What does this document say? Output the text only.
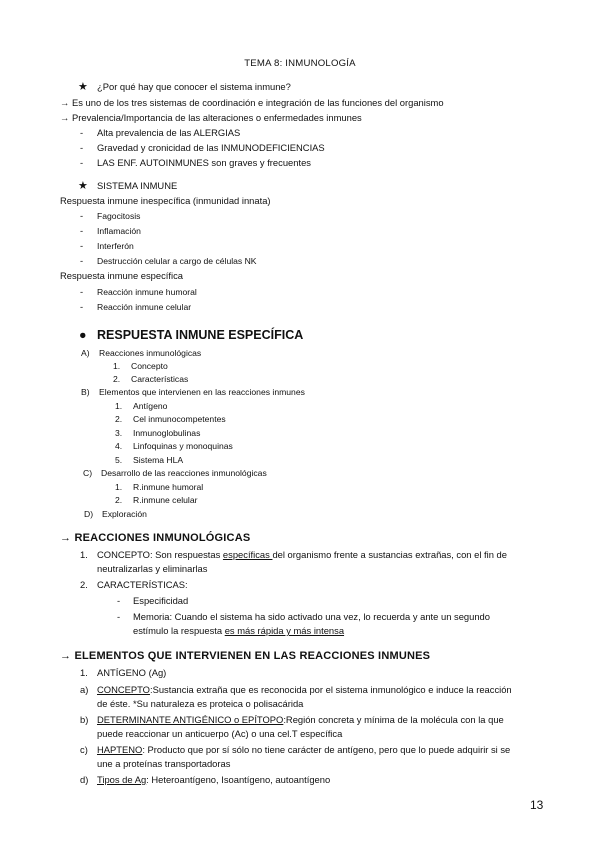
TEMA 8: INMUNOLOGÍA
★ ¿Por qué hay que conocer el sistema inmune?
→ Es uno de los tres sistemas de coordinación e integración de las funciones del organismo
→ Prevalencia/Importancia de las alteraciones o enfermedades inmunes
- Alta prevalencia de las ALERGIAS
- Gravedad y cronicidad de las INMUNODEFICIENCIAS
- LAS ENF. AUTOINMUNES son graves y frecuentes
★ SISTEMA INMUNE
Respuesta inmune inespecífica (inmunidad innata)
- Fagocitosis
- Inflamación
- Interferón
- Destrucción celular a cargo de células NK
Respuesta inmune específica
- Reacción inmune humoral
- Reacción inmune celular
● RESPUESTA INMUNE ESPECÍFICA
A) Reacciones inmunológicas
1. Concepto
2. Características
B) Elementos que intervienen en las reacciones inmunes
1. Antígeno
2. Cel inmunocompetentes
3. Inmunoglobulinas
4. Linfoquinas y monoquinas
5. Sistema HLA
C) Desarrollo de las reacciones inmunológicas
1. R.inmune humoral
2. R.inmune celular
D) Exploración
→ REACCIONES INMUNOLÓGICAS
1. CONCEPTO: Son respuestas específicas del organismo frente a sustancias extrañas, con el fin de
neutralizarlas y eliminarlas
2. CARACTERÍSTICAS:
- Especificidad
- Memoria: Cuando el sistema ha sido activado una vez, lo recuerda y ante un segundo
estímulo la respuesta es más rápida y más intensa
→ ELEMENTOS QUE INTERVIENEN EN LAS REACCIONES INMUNES
1. ANTÍGENO (Ag)
a) CONCEPTO:Sustancia extraña que es reconocida por el sistema inmunológico e induce la reacción
de éste. *Su naturaleza es proteica o polisacárida
b) DETERMINANTE ANTIGÉNICO o EPÍTOPO:Región concreta y mínima de la molécula con la que
puede reaccionar un anticuerpo (Ac) o una cel.T específica
c) HAPTENO: Producto que por sí sólo no tiene carácter de antígeno, pero que lo puede adquirir si se
une a proteínas transportadoras
d) Tipos de Ag: Heteroantígeno, Isoantígeno, autoantígeno
13
